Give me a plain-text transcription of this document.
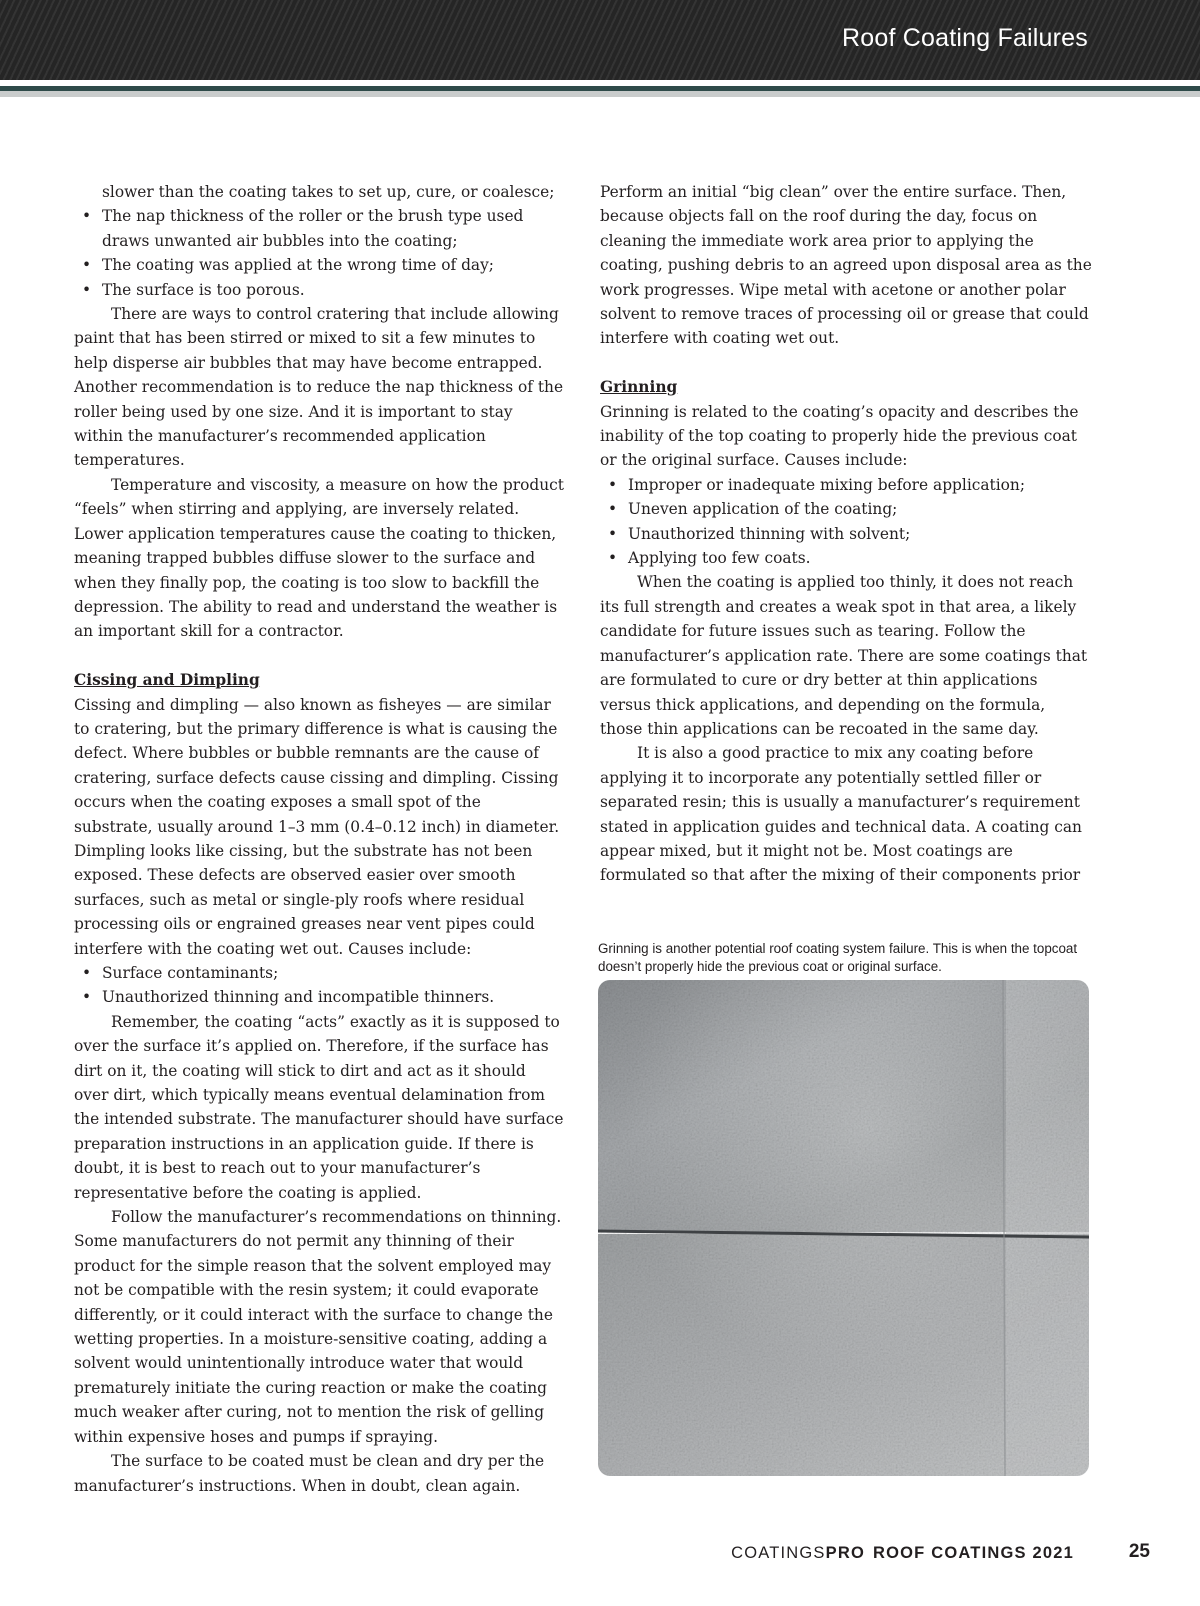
Roof Coating Failures

slower than the coating takes to set up, cure, or coalesce;

• The nap thickness of the roller or the brush type used draws unwanted air bubbles into the coating;
• The coating was applied at the wrong time of day;
• The surface is too porous.

There are ways to control cratering that include allowing paint that has been stirred or mixed to sit a few minutes to help disperse air bubbles that may have become entrapped. Another recommendation is to reduce the nap thickness of the roller being used by one size. And it is important to stay within the manufacturer’s recommended application temperatures.

Temperature and viscosity, a measure on how the product “feels” when stirring and applying, are inversely related. Lower application temperatures cause the coating to thicken, meaning trapped bubbles diffuse slower to the surface and when they finally pop, the coating is too slow to backfill the depression. The ability to read and understand the weather is an important skill for a contractor.

Cissing and Dimpling

Cissing and dimpling — also known as fisheyes — are similar to cratering, but the primary difference is what is causing the defect. Where bubbles or bubble remnants are the cause of cratering, surface defects cause cissing and dimpling. Cissing occurs when the coating exposes a small spot of the substrate, usually around 1–3 mm (0.4–0.12 inch) in diameter. Dimpling looks like cissing, but the substrate has not been exposed. These defects are observed easier over smooth surfaces, such as metal or single-ply roofs where residual processing oils or engrained greases near vent pipes could interfere with the coating wet out. Causes include:

• Surface contaminants;
• Unauthorized thinning and incompatible thinners.

Remember, the coating “acts” exactly as it is supposed to over the surface it’s applied on. Therefore, if the surface has dirt on it, the coating will stick to dirt and act as it should over dirt, which typically means eventual delamination from the intended substrate. The manufacturer should have surface preparation instructions in an application guide. If there is doubt, it is best to reach out to your manufacturer’s representative before the coating is applied.

Follow the manufacturer’s recommendations on thinning. Some manufacturers do not permit any thinning of their product for the simple reason that the solvent employed may not be compatible with the resin system; it could evaporate differently, or it could interact with the surface to change the wetting properties. In a moisture-sensitive coating, adding a solvent would unintentionally introduce water that would prematurely initiate the curing reaction or make the coating much weaker after curing, not to mention the risk of gelling within expensive hoses and pumps if spraying.

The surface to be coated must be clean and dry per the manufacturer’s instructions. When in doubt, clean again.

Perform an initial “big clean” over the entire surface. Then, because objects fall on the roof during the day, focus on cleaning the immediate work area prior to applying the coating, pushing debris to an agreed upon disposal area as the work progresses. Wipe metal with acetone or another polar solvent to remove traces of processing oil or grease that could interfere with coating wet out.

Grinning

Grinning is related to the coating’s opacity and describes the inability of the top coating to properly hide the previous coat or the original surface. Causes include:

• Improper or inadequate mixing before application;
• Uneven application of the coating;
• Unauthorized thinning with solvent;
• Applying too few coats.

When the coating is applied too thinly, it does not reach its full strength and creates a weak spot in that area, a likely candidate for future issues such as tearing. Follow the manufacturer’s application rate. There are some coatings that are formulated to cure or dry better at thin applications versus thick applications, and depending on the formula, those thin applications can be recoated in the same day.

It is also a good practice to mix any coating before applying it to incorporate any potentially settled filler or separated resin; this is usually a manufacturer’s requirement stated in application guides and technical data. A coating can appear mixed, but it might not be. Most coatings are formulated so that after the mixing of their components prior

Grinning is another potential roof coating system failure. This is when the topcoat doesn’t properly hide the previous coat or original surface.
COATINGSPRO ROOF COATINGS 2021	25
